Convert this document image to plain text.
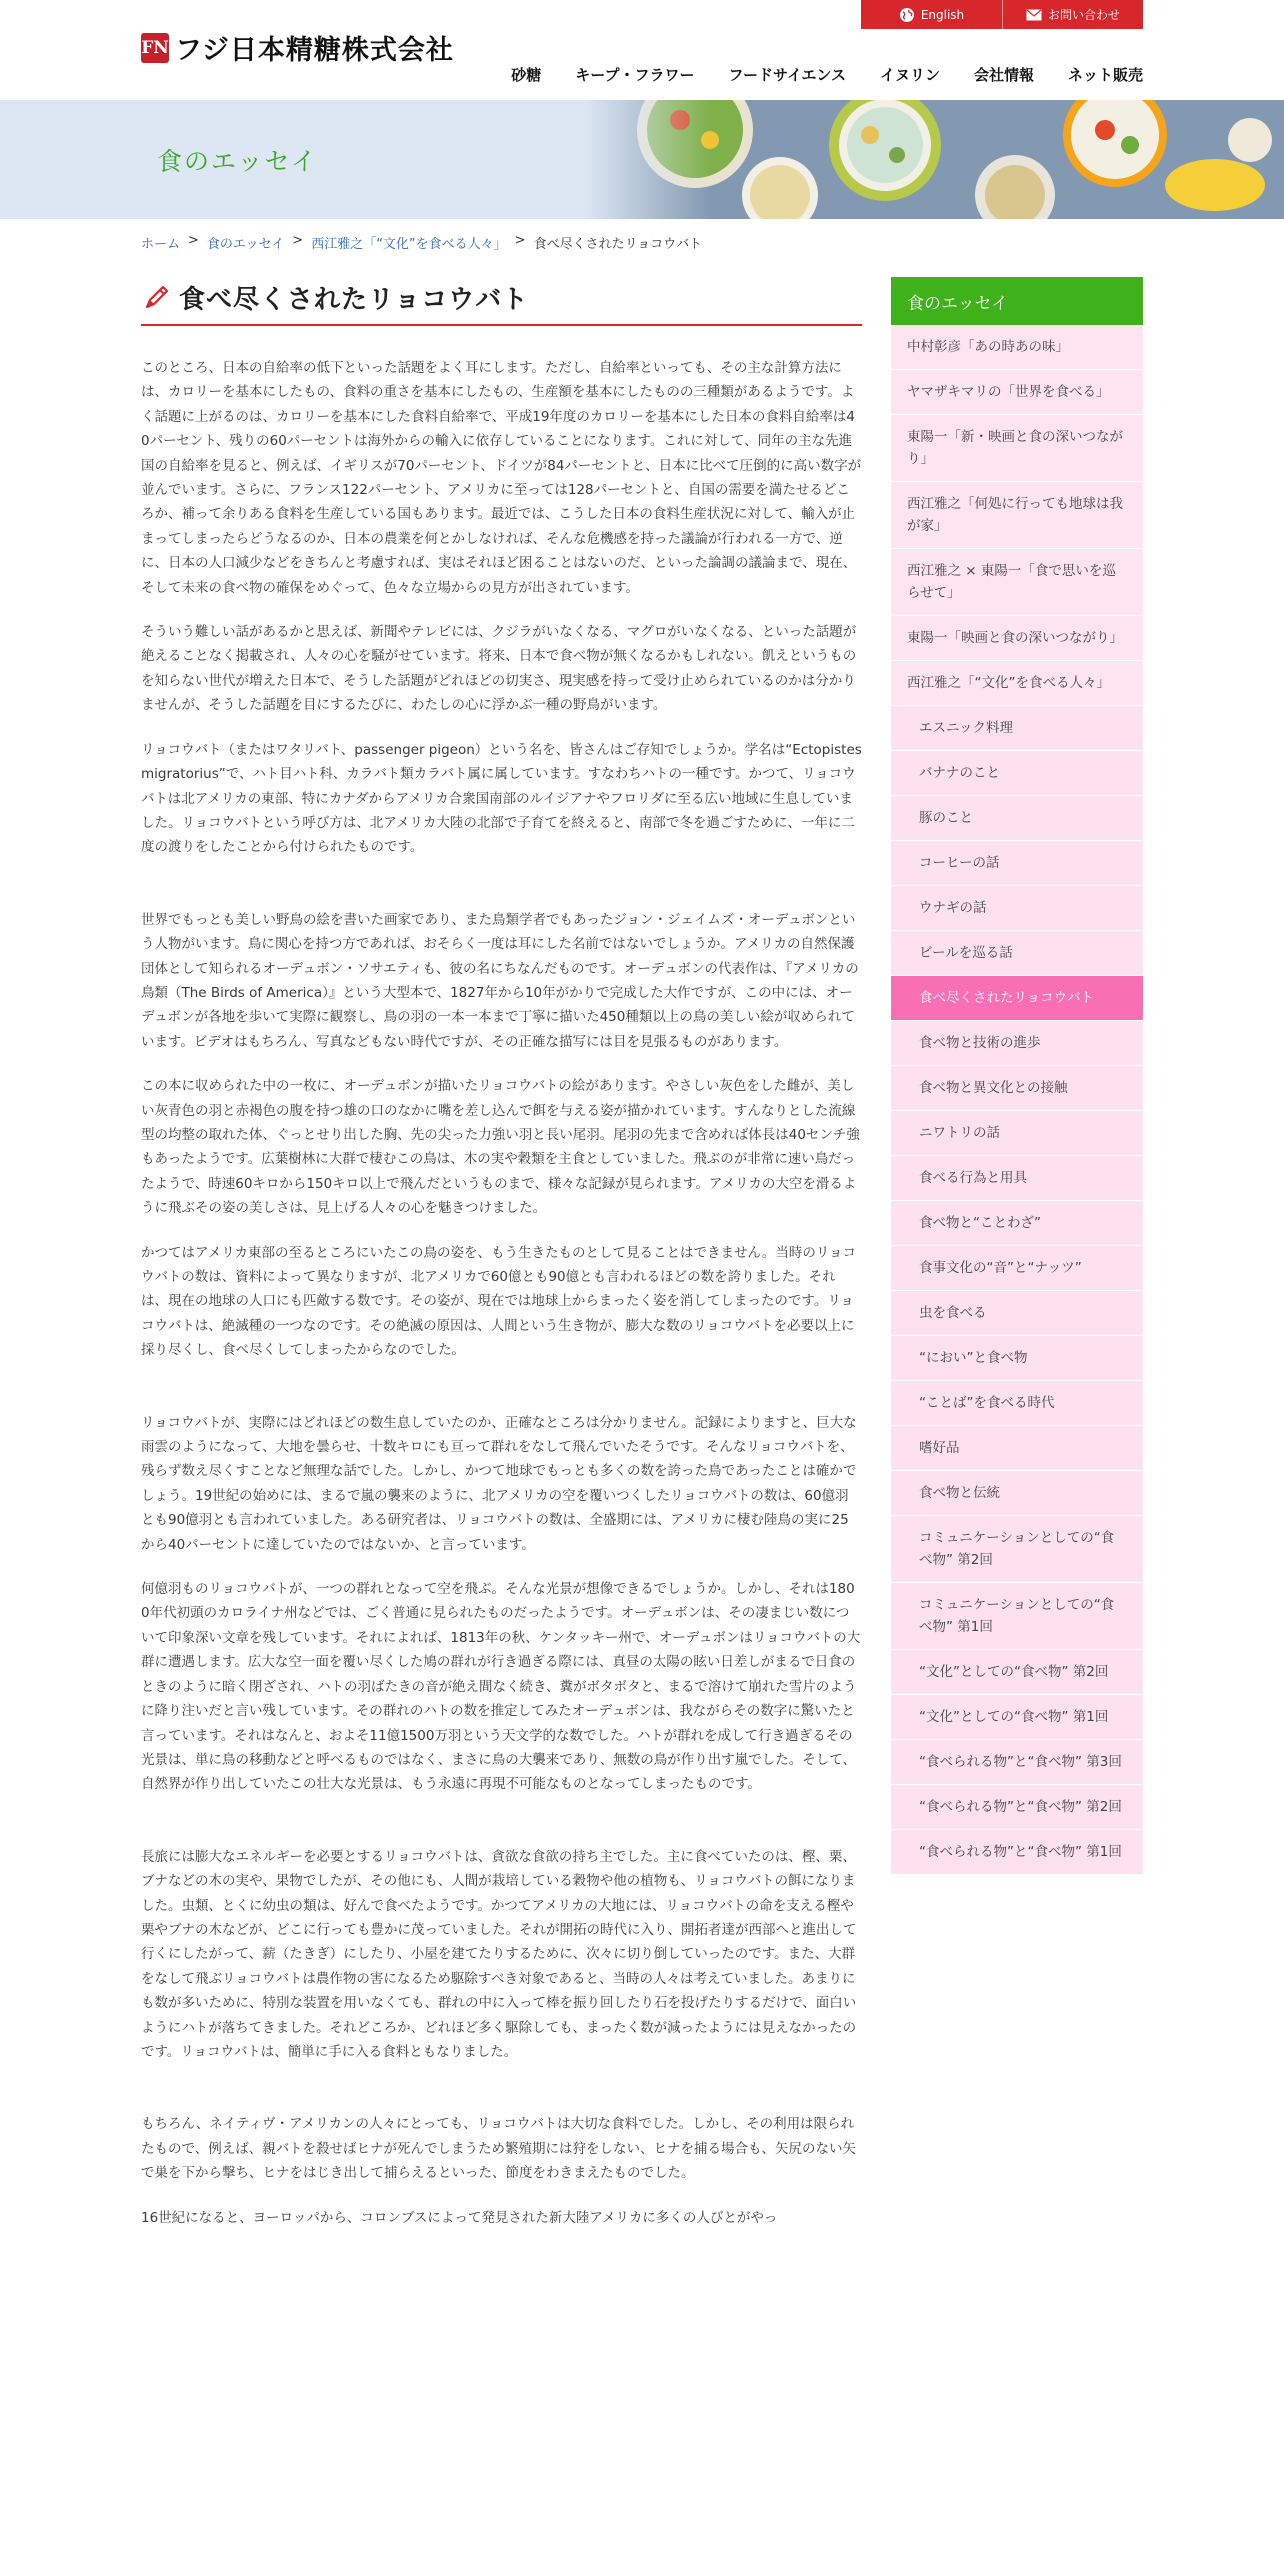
English	お問い合わせ
FN フジ日本精糖株式会社
砂糖 キープ・フラワー フードサイエンス イヌリン 会社情報 ネット販売
食のエッセイ
ホーム > 食のエッセイ > 西江雅之「“文化”を食べる人々」 > 食べ尽くされたリョコウバト
食べ尽くされたリョコウバト

このところ、日本の自給率の低下といった話題をよく耳にします。ただし、自給率といっても、その主な計算方法には、カロリーを基本にしたもの、食料の重さを基本にしたもの、生産額を基本にしたものの三種類があるようです。よく話題に上がるのは、カロリーを基本にした食料自給率で、平成19年度のカロリーを基本にした日本の食料自給率は40パーセント、残りの60パーセントは海外からの輸入に依存していることになります。これに対して、同年の主な先進国の自給率を見ると、例えば、イギリスが70パーセント、ドイツが84パーセントと、日本に比べて圧倒的に高い数字が並んでいます。さらに、フランス122パーセント、アメリカに至っては128パーセントと、自国の需要を満たせるどころか、補って余りある食料を生産している国もあります。最近では、こうした日本の食料生産状況に対して、輸入が止まってしまったらどうなるのか、日本の農業を何とかしなければ、そんな危機感を持った議論が行われる一方で、逆に、日本の人口減少などをきちんと考慮すれば、実はそれほど困ることはないのだ、といった論調の議論まで、現在、そして未来の食べ物の確保をめぐって、色々な立場からの見方が出されています。

そういう難しい話があるかと思えば、新聞やテレビには、クジラがいなくなる、マグロがいなくなる、といった話題が絶えることなく掲載され、人々の心を騒がせています。将来、日本で食べ物が無くなるかもしれない。飢えというものを知らない世代が増えた日本で、そうした話題がどれほどの切実さ、現実感を持って受け止められているのかは分かりませんが、そうした話題を目にするたびに、わたしの心に浮かぶ一種の野鳥がいます。

リョコウバト（またはワタリバト、passenger pigeon）という名を、皆さんはご存知でしょうか。学名は“Ectopistes migratorius”で、ハト目ハト科、カラバト類カラバト属に属しています。すなわちハトの一種です。かつて、リョコウバトは北アメリカの東部、特にカナダからアメリカ合衆国南部のルイジアナやフロリダに至る広い地域に生息していました。リョコウバトという呼び方は、北アメリカ大陸の北部で子育てを終えると、南部で冬を過ごすために、一年に二度の渡りをしたことから付けられたものです。

世界でもっとも美しい野鳥の絵を書いた画家であり、また鳥類学者でもあったジョン・ジェイムズ・オーデュボンという人物がいます。鳥に関心を持つ方であれば、おそらく一度は耳にした名前ではないでしょうか。アメリカの自然保護団体として知られるオーデュボン・ソサエティも、彼の名にちなんだものです。オーデュボンの代表作は、『アメリカの鳥類（The Birds of America）』という大型本で、1827年から10年がかりで完成した大作ですが、この中には、オーデュボンが各地を歩いて実際に観察し、鳥の羽の一本一本まで丁寧に描いた450種類以上の鳥の美しい絵が収められています。ビデオはもちろん、写真などもない時代ですが、その正確な描写には目を見張るものがあります。

この本に収められた中の一枚に、オーデュボンが描いたリョコウバトの絵があります。やさしい灰色をした雌が、美しい灰青色の羽と赤褐色の腹を持つ雄の口のなかに嘴を差し込んで餌を与える姿が描かれています。すんなりとした流線型の均整の取れた体、ぐっとせり出した胸、先の尖った力強い羽と長い尾羽。尾羽の先まで含めれば体長は40センチ強もあったようです。広葉樹林に大群で棲むこの鳥は、木の実や穀類を主食としていました。飛ぶのが非常に速い鳥だったようで、時速60キロから150キロ以上で飛んだというものまで、様々な記録が見られます。アメリカの大空を滑るように飛ぶその姿の美しさは、見上げる人々の心を魅きつけました。

かつてはアメリカ東部の至るところにいたこの鳥の姿を、もう生きたものとして見ることはできません。当時のリョコウバトの数は、資料によって異なりますが、北アメリカで60億とも90億とも言われるほどの数を誇りました。それは、現在の地球の人口にも匹敵する数です。その姿が、現在では地球上からまったく姿を消してしまったのです。リョコウバトは、絶滅種の一つなのです。その絶滅の原因は、人間という生き物が、膨大な数のリョコウバトを必要以上に採り尽くし、食べ尽くしてしまったからなのでした。

リョコウバトが、実際にはどれほどの数生息していたのか、正確なところは分かりません。記録によりますと、巨大な雨雲のようになって、大地を曇らせ、十数キロにも亘って群れをなして飛んでいたそうです。そんなリョコウバトを、残らず数え尽くすことなど無理な話でした。しかし、かつて地球でもっとも多くの数を誇った鳥であったことは確かでしょう。19世紀の始めには、まるで嵐の襲来のように、北アメリカの空を覆いつくしたリョコウバトの数は、60億羽とも90億羽とも言われていました。ある研究者は、リョコウバトの数は、全盛期には、アメリカに棲む陸鳥の実に25から40パーセントに達していたのではないか、と言っています。

何億羽ものリョコウバトが、一つの群れとなって空を飛ぶ。そんな光景が想像できるでしょうか。しかし、それは1800年代初頭のカロライナ州などでは、ごく普通に見られたものだったようです。オーデュボンは、その凄まじい数について印象深い文章を残しています。それによれば、1813年の秋、ケンタッキー州で、オーデュボンはリョコウバトの大群に遭遇します。広大な空一面を覆い尽くした鳩の群れが行き過ぎる際には、真昼の太陽の眩い日差しがまるで日食のときのように暗く閉ざされ、ハトの羽ばたきの音が絶え間なく続き、糞がボタボタと、まるで溶けて崩れた雪片のように降り注いだと言い残しています。その群れのハトの数を推定してみたオーデュボンは、我ながらその数字に驚いたと言っています。それはなんと、およそ11億1500万羽という天文学的な数でした。ハトが群れを成して行き過ぎるその光景は、単に鳥の移動などと呼べるものではなく、まさに鳥の大襲来であり、無数の鳥が作り出す嵐でした。そして、自然界が作り出していたこの壮大な光景は、もう永遠に再現不可能なものとなってしまったものです。

長旅には膨大なエネルギーを必要とするリョコウバトは、貪欲な食欲の持ち主でした。主に食べていたのは、樫、栗、ブナなどの木の実や、果物でしたが、その他にも、人間が栽培している穀物や他の植物も、リョコウバトの餌になりました。虫類、とくに幼虫の類は、好んで食べたようです。かつてアメリカの大地には、リョコウバトの命を支える樫や栗やブナの木などが、どこに行っても豊かに茂っていました。それが開拓の時代に入り、開拓者達が西部へと進出して行くにしたがって、薪（たきぎ）にしたり、小屋を建てたりするために、次々に切り倒していったのです。また、大群をなして飛ぶリョコウバトは農作物の害になるため駆除すべき対象であると、当時の人々は考えていました。あまりにも数が多いために、特別な装置を用いなくても、群れの中に入って棒を振り回したり石を投げたりするだけで、面白いようにハトが落ちてきました。それどころか、どれほど多く駆除しても、まったく数が減ったようには見えなかったのです。リョコウバトは、簡単に手に入る食料ともなりました。

もちろん、ネイティヴ・アメリカンの人々にとっても、リョコウバトは大切な食料でした。しかし、その利用は限られたもので、例えば、親バトを殺せばヒナが死んでしまうため繁殖期には狩をしない、ヒナを捕る場合も、矢尻のない矢で巣を下から撃ち、ヒナをはじき出して捕らえるといった、節度をわきまえたものでした。

16世紀になると、ヨーロッパから、コロンブスによって発見された新大陸アメリカに多くの人びとがやっ

食のエッセイ
中村彰彦「あの時あの味」
ヤマザキマリの「世界を食べる」
東陽一「新・映画と食の深いつながり」
西江雅之「何処に行っても地球は我が家」
西江雅之 × 東陽一「食で思いを巡らせて」
東陽一「映画と食の深いつながり」
西江雅之「“文化”を食べる人々」
エスニック料理
バナナのこと
豚のこと
コーヒーの話
ウナギの話
ビールを巡る話
食べ尽くされたリョコウバト
食べ物と技術の進歩
食べ物と異文化との接触
ニワトリの話
食べる行為と用具
食べ物と“ことわざ”
食事文化の“音”と“ナッツ”
虫を食べる
“におい”と食べ物
“ことば”を食べる時代
嗜好品
食べ物と伝統
コミュニケーションとしての“食べ物” 第2回
コミュニケーションとしての“食べ物” 第1回
“文化”としての“食べ物” 第2回
“文化”としての“食べ物” 第1回
“食べられる物”と“食べ物” 第3回
“食べられる物”と“食べ物” 第2回
“食べられる物”と“食べ物” 第1回
